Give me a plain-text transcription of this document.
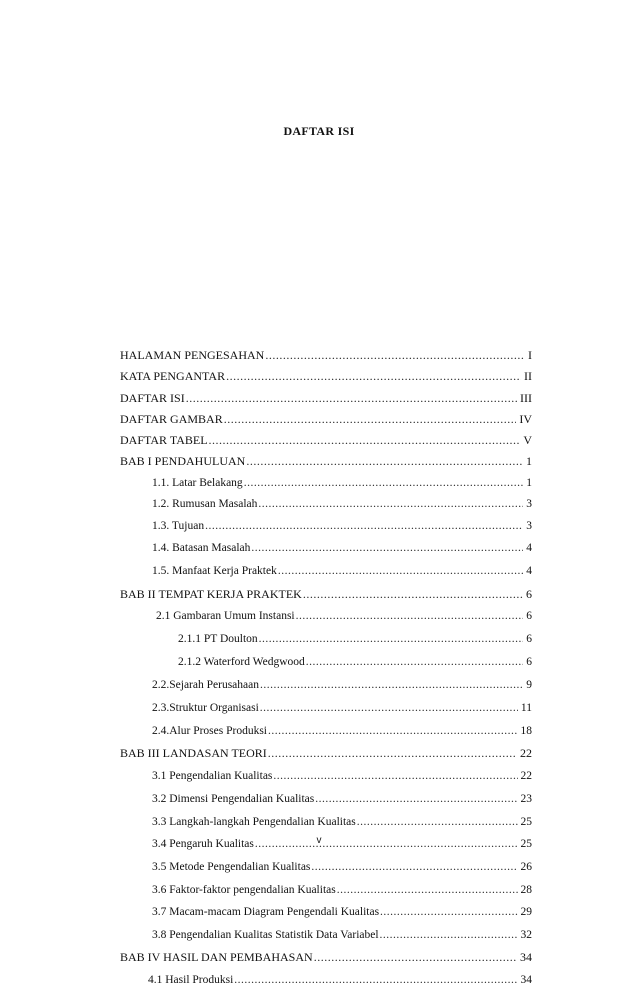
DAFTAR ISI
HALAMAN PENGESAHAN .....	I
KATA PENGANTAR .....	II
DAFTAR ISI .....	III
DAFTAR GAMBAR .....	IV
DAFTAR TABEL .....	V
BAB I PENDAHULUAN .....	1
1.1. Latar Belakang .....	1
1.2. Rumusan Masalah .....	3
1.3. Tujuan .....	3
1.4. Batasan Masalah .....	4
1.5. Manfaat Kerja Praktek .....	4
BAB II TEMPAT KERJA PRAKTEK .....	6
2.1 Gambaran Umum Instansi .....	6
2.1.1 PT Doulton .....	6
2.1.2 Waterford Wedgwood .....	6
2.2.Sejarah Perusahaan .....	9
2.3.Struktur Organisasi .....	11
2.4.Alur Proses Produksi .....	18
BAB III LANDASAN TEORI .....	22
3.1 Pengendalian Kualitas .....	22
3.2 Dimensi Pengendalian Kualitas .....	23
3.3 Langkah-langkah Pengendalian Kualitas .....	25
3.4 Pengaruh Kualitas .....	25
3.5 Metode Pengendalian Kualitas .....	26
3.6 Faktor-faktor pengendalian Kualitas .....	28
3.7 Macam-macam Diagram Pengendali Kualitas .....	29
3.8 Pengendalian Kualitas Statistik Data Variabel .....	32
BAB IV HASIL DAN PEMBAHASAN .....	34
4.1 Hasil Produksi .....	34
v
